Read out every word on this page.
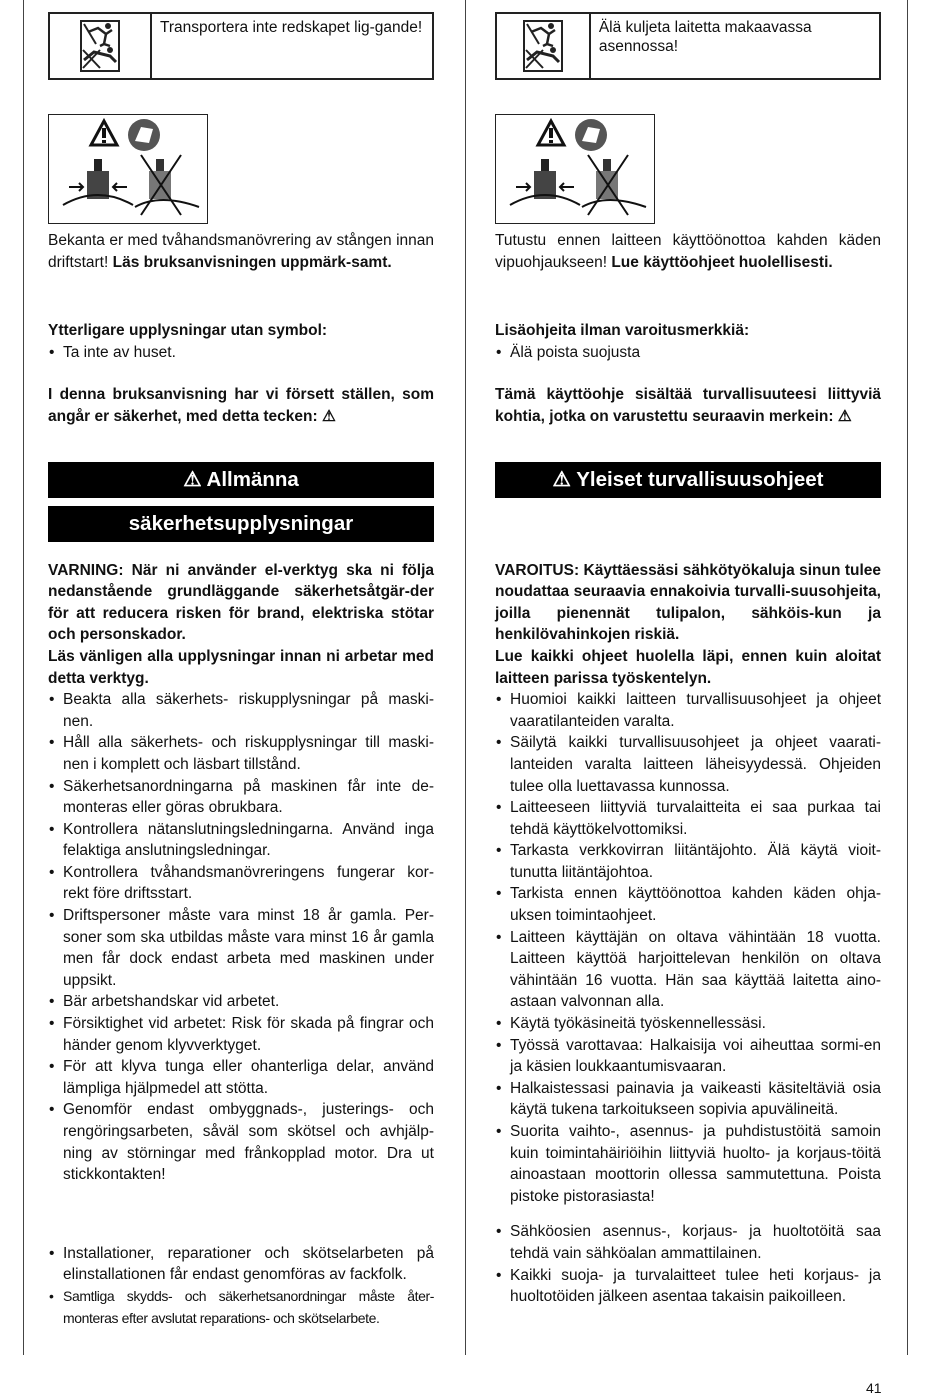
Transportera inte redskapet lig-gande!

Bekanta er med tvåhandsmanövrering av stången innan driftstart! Läs bruksanvisningen uppmärk-samt.

Ytterligare upplysningar utan symbol:

• Ta inte av huset.

I denna bruksanvisning har vi försett ställen, som angår er säkerhet, med detta tecken: ⚠

⚠ Allmänna
säkerhetsupplysningar

VARNING: När ni använder el-verktyg ska ni följa nedanstående grundläggande säkerhetsåtgär-der för att reducera risken för brand, elektriska stötar och personskador.

Läs vänligen alla upplysningar innan ni arbetar med detta verktyg.

• Beakta alla säkerhets- riskupplysningar på maski-nen.
• Håll alla säkerhets- och riskupplysningar till maski-nen i komplett och läsbart tillstånd.
• Säkerhetsanordningarna på maskinen får inte de-monteras eller göras obrukbara.
• Kontrollera nätanslutningsledningarna. Använd inga felaktiga anslutningsledningar.
• Kontrollera tvåhandsmanövreringens fungerar kor-rekt före driftsstart.
• Driftspersoner måste vara minst 18 år gamla. Per-soner som ska utbildas måste vara minst 16 år gamla men får dock endast arbeta med maskinen under uppsikt.
• Bär arbetshandskar vid arbetet.
• Försiktighet vid arbetet: Risk för skada på fingrar och händer genom klyvverktyget.
• För att klyva tunga eller ohanterliga delar, använd lämpliga hjälpmedel att stötta.
• Genomför endast ombyggnads-, justerings- och rengöringsarbeten, såväl som skötsel och avhjälp-ning av störningar med frånkopplad motor. Dra ut stickkontakten!
• Installationer, reparationer och skötselarbeten på elinstallationen får endast genomföras av fackfolk.
• Samtliga skydds- och säkerhetsanordningar måste åter-monteras efter avslutat reparations- och skötselarbete.
Älä kuljeta laitetta makaavassa asennossa!

Tutustu ennen laitteen käyttöönottoa kahden käden vipuohjaukseen! Lue käyttöohjeet huolellisesti.

Lisäohjeita ilman varoitusmerkkiä:

• Älä poista suojusta

Tämä käyttöohje sisältää turvallisuuteesi liittyviä kohtia, jotka on varustettu seuraavin merkein: ⚠

⚠ Yleiset turvallisuusohjeet

VAROITUS: Käyttäessäsi sähkötyökaluja sinun tulee noudattaa seuraavia ennakoivia turvalli-suusohjeita, joilla pienennät tulipalon, sähköis-kun ja henkilövahinkojen riskiä.

Lue kaikki ohjeet huolella läpi, ennen kuin aloitat laitteen parissa työskentelyn.

• Huomioi kaikki laitteen turvallisuusohjeet ja ohjeet vaaratilanteiden varalta.
• Säilytä kaikki turvallisuusohjeet ja ohjeet vaarati-lanteiden varalta laitteen läheisyydessä. Ohjeiden tulee olla luettavassa kunnossa.
• Laitteeseen liittyviä turvalaitteita ei saa purkaa tai tehdä käyttökelvottomiksi.
• Tarkasta verkkovirran liitäntäjohto. Älä käytä vioit-tunutta liitäntäjohtoa.
• Tarkista ennen käyttöönottoa kahden käden ohja-uksen toimintaohjeet.
• Laitteen käyttäjän on oltava vähintään 18 vuotta. Laitteen käyttöä harjoittelevan henkilön on oltava vähintään 16 vuotta. Hän saa käyttää laitetta aino-astaan valvonnan alla.
• Käytä työkäsineitä työskennellessäsi.
• Työssä varottavaa: Halkaisija voi aiheuttaa sormi-en ja käsien loukkaantumisvaaran.
• Halkaistessasi painavia ja vaikeasti käsiteltäviä osia käytä tukena tarkoitukseen sopivia apuvälineitä.
• Suorita vaihto-, asennus- ja puhdistustöitä samoin kuin toimintahäiriöihin liittyviä huolto- ja korjaus-töitä ainoastaan moottorin ollessa sammutettuna. Poista pistoke pistorasiasta!
• Sähköosien asennus-, korjaus- ja huoltotöitä saa tehdä vain sähköalan ammattilainen.
• Kaikki suoja- ja turvalaitteet tulee heti korjaus- ja huoltotöiden jälkeen asentaa takaisin paikoilleen.
41
